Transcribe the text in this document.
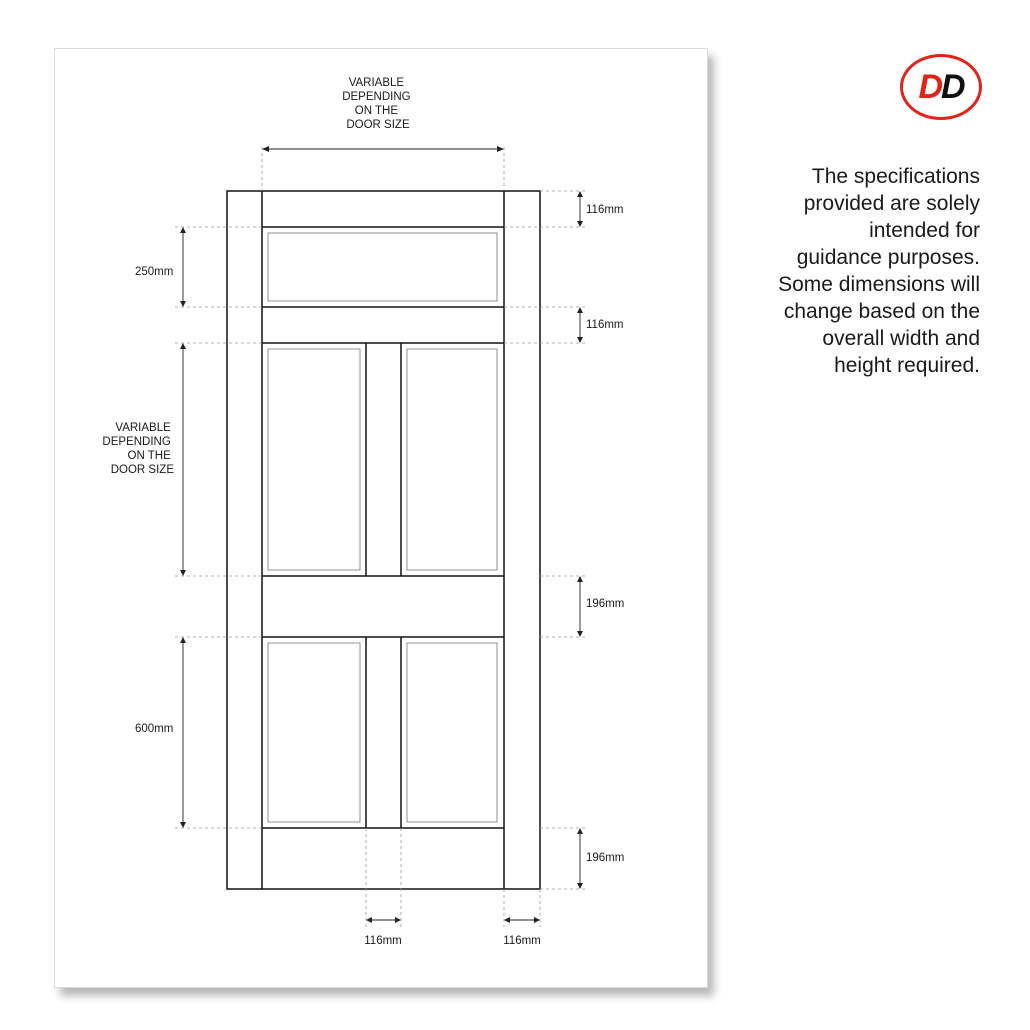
VARIABLE DEPENDING ON THE DOOR SIZE
116mm
250mm
116mm
VARIABLE DEPENDING ON THE DOOR SIZE
196mm
600mm
196mm
116mm	116mm
D D
The specifications
provided are solely
intended for
guidance purposes.
Some dimensions will
change based on the
overall width and
height required.
